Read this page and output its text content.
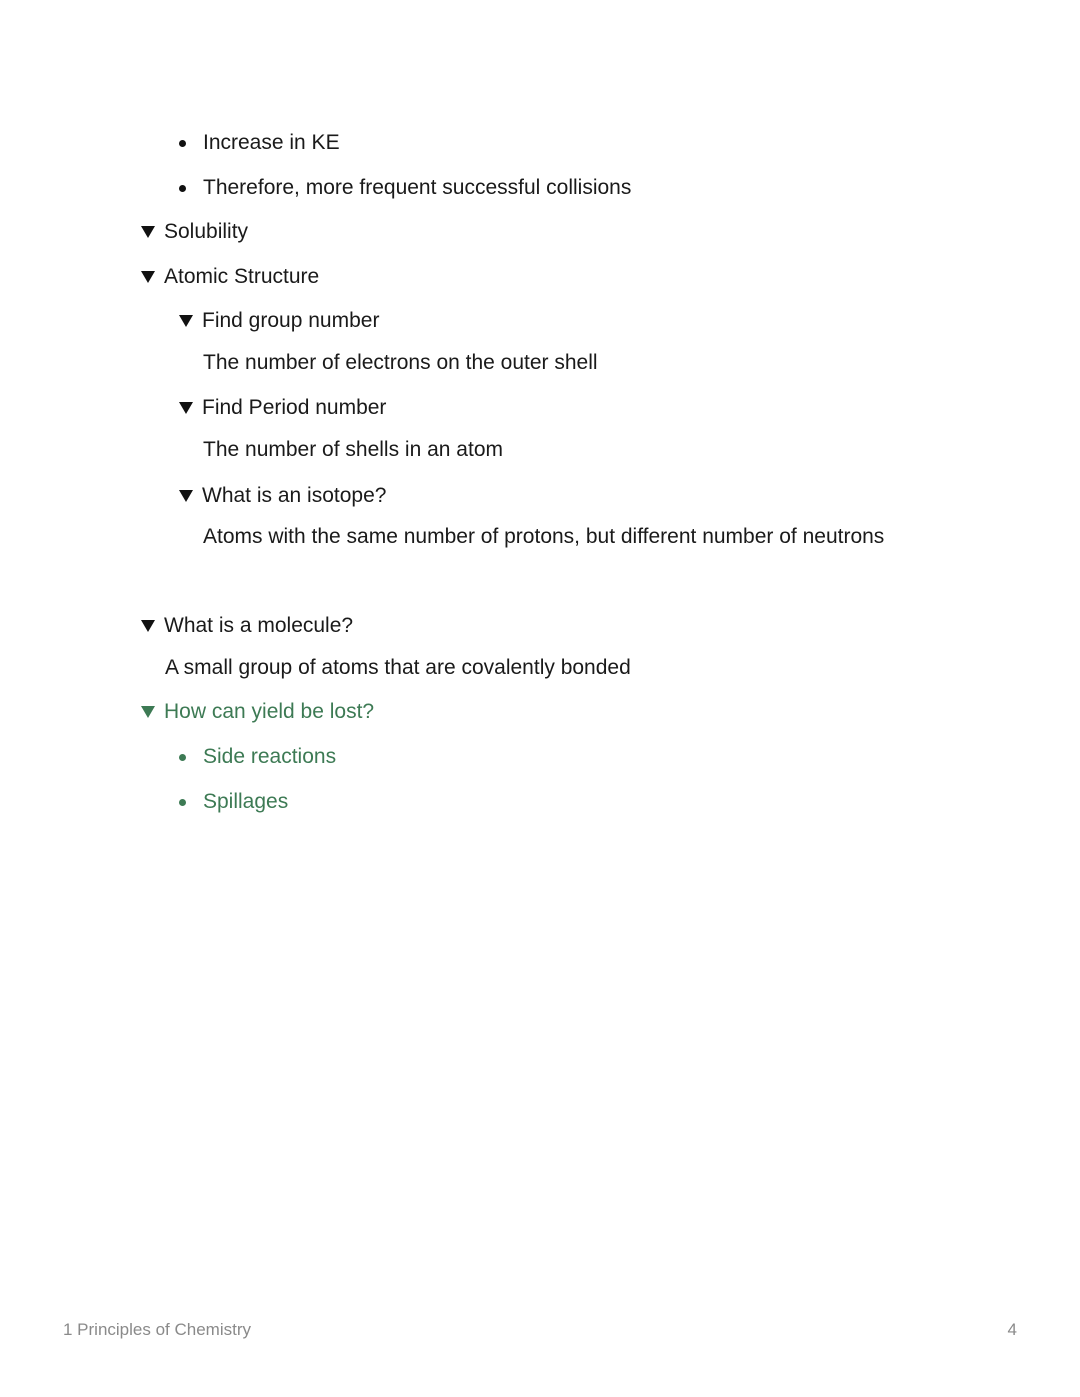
Increase in KE
Therefore, more frequent successful collisions
Solubility
Atomic Structure
Find group number
The number of electrons on the outer shell
Find Period number
The number of shells in an atom
What is an isotope?
Atoms with the same number of protons, but different number of neutrons
What is a molecule?
A small group of atoms that are covalently bonded
How can yield be lost?
Side reactions
Spillages
1 Principles of Chemistry	4
